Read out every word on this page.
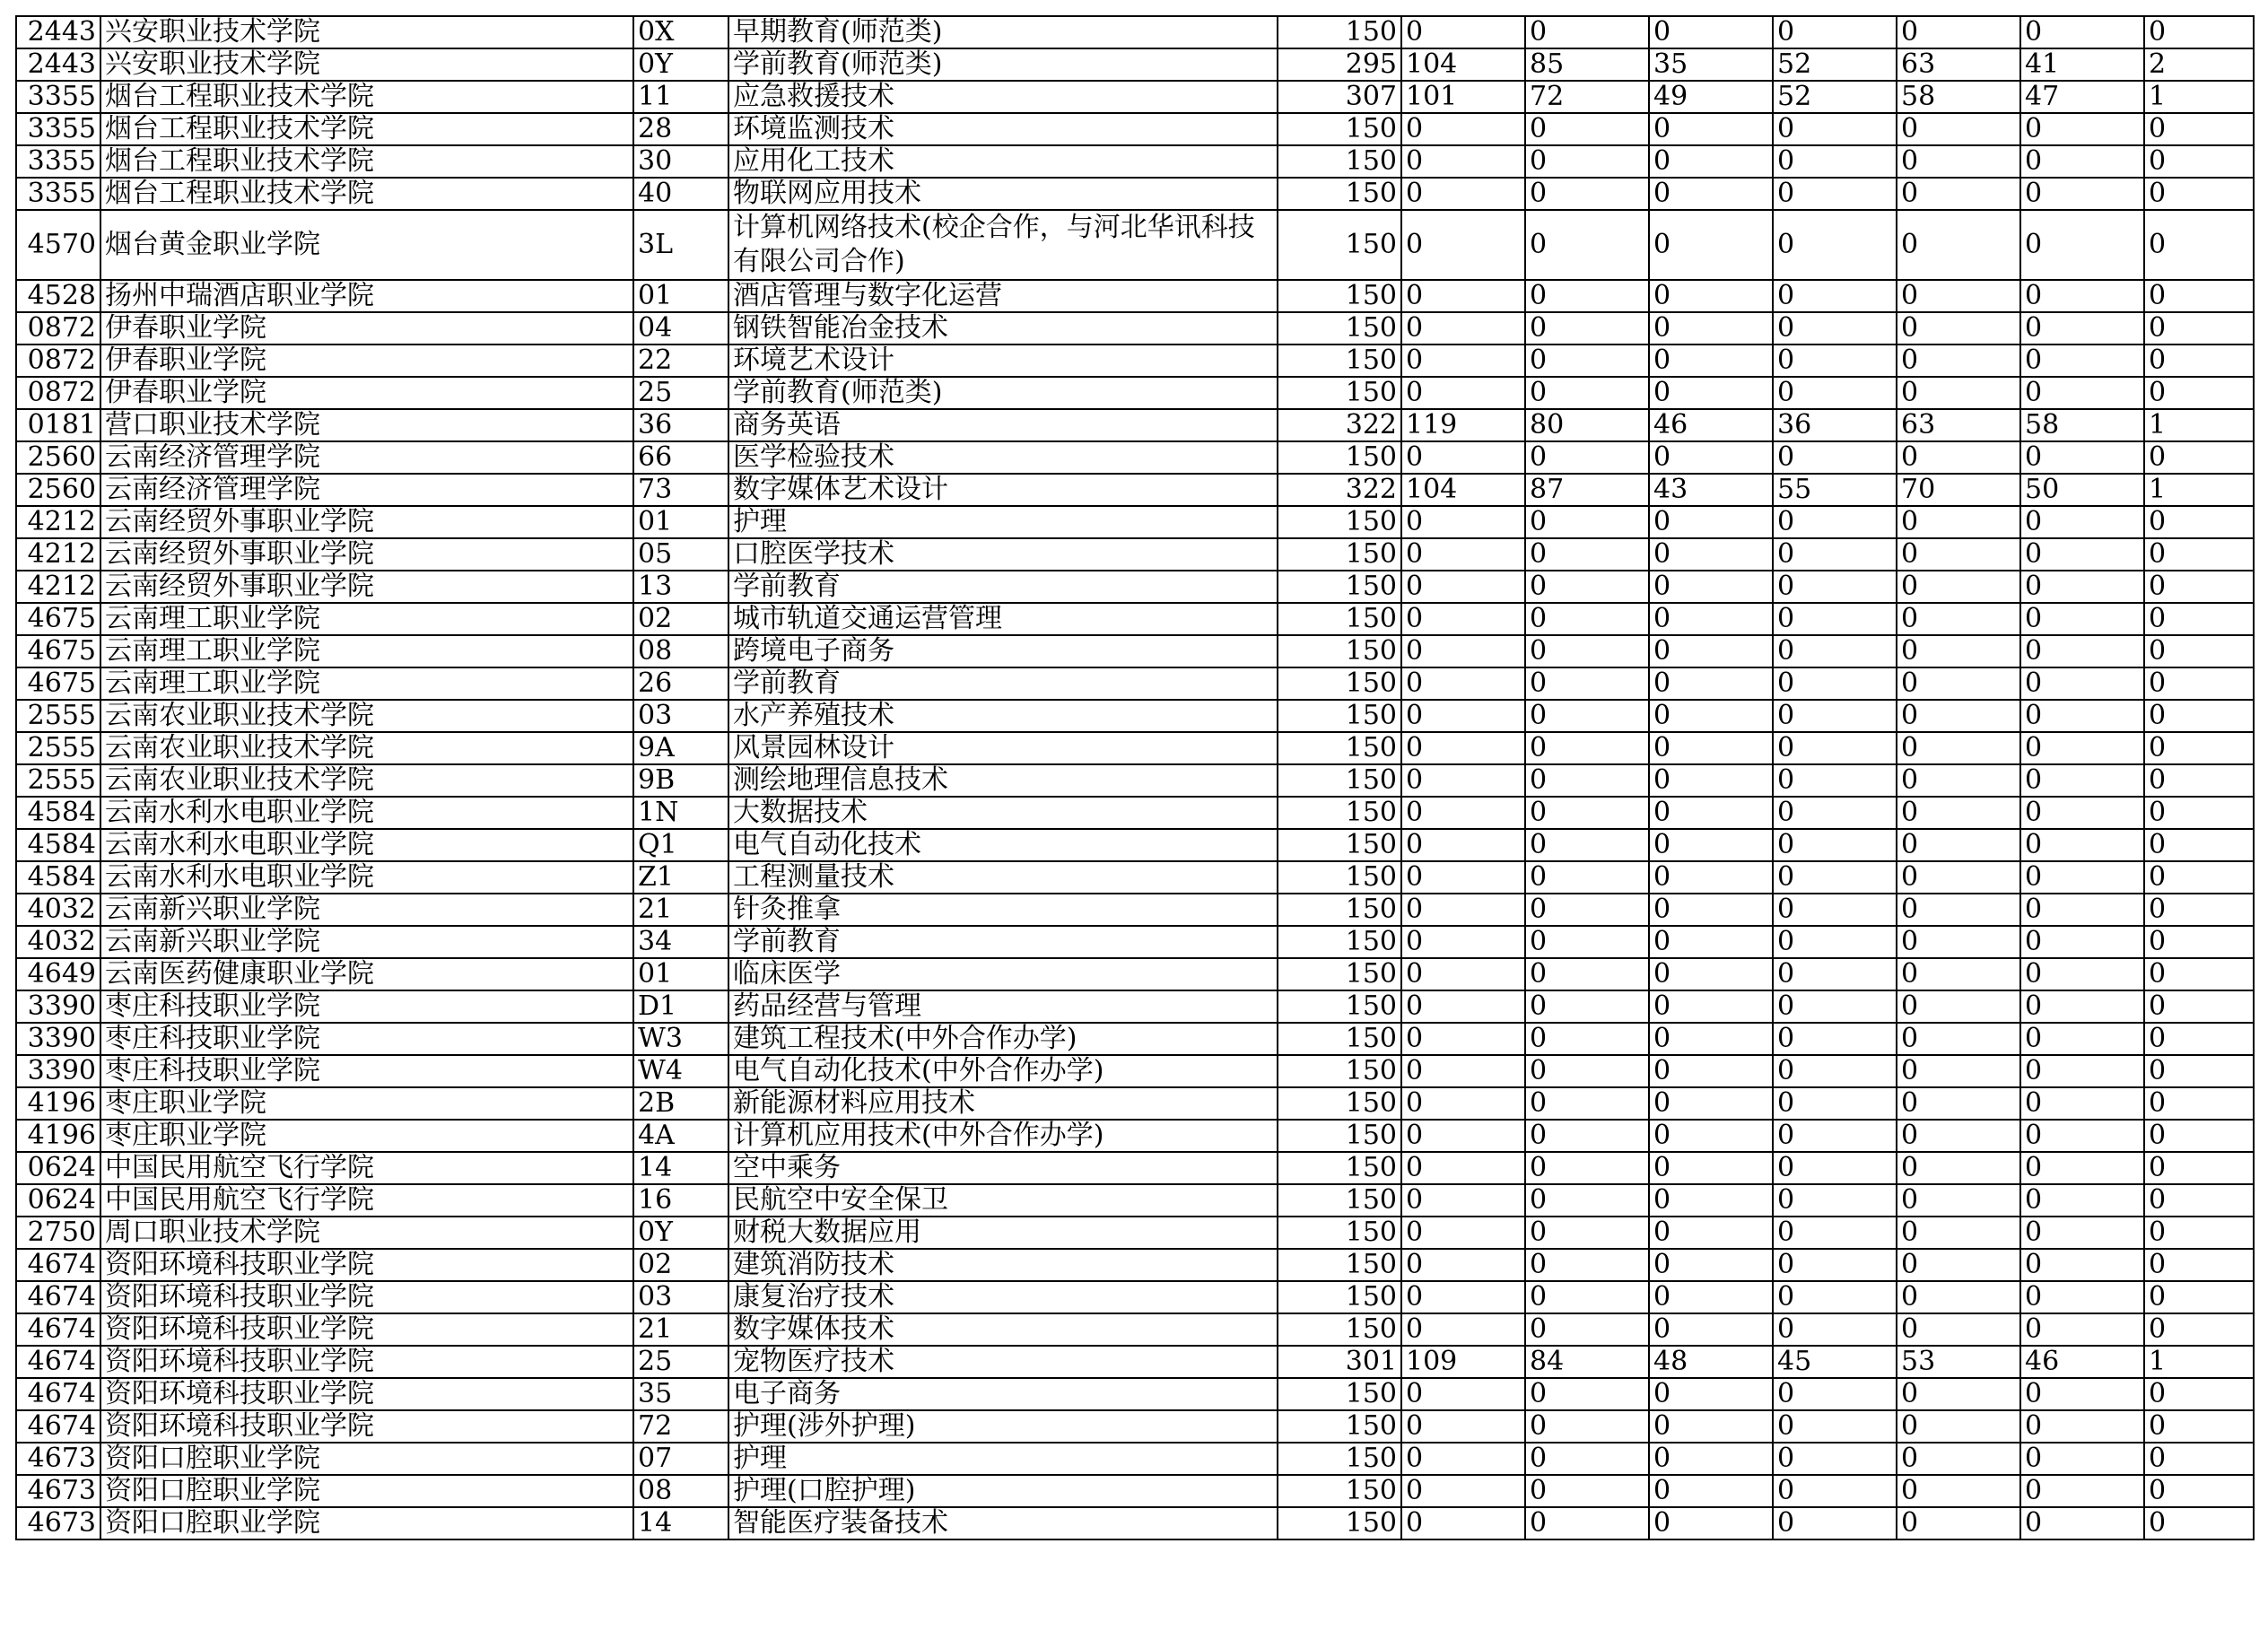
2443	兴安职业技术学院	0X	早期教育(师范类)	150	0	0	0	0	0	0	0
2443	兴安职业技术学院	0Y	学前教育(师范类)	295	104	85	35	52	63	41	2
3355	烟台工程职业技术学院	11	应急救援技术	307	101	72	49	52	58	47	1
3355	烟台工程职业技术学院	28	环境监测技术	150	0	0	0	0	0	0	0
3355	烟台工程职业技术学院	30	应用化工技术	150	0	0	0	0	0	0	0
3355	烟台工程职业技术学院	40	物联网应用技术	150	0	0	0	0	0	0	0
4570	烟台黄金职业学院	3L	计算机网络技术(校企合作，与河北华讯科技有限公司合作)	150	0	0	0	0	0	0	0
4528	扬州中瑞酒店职业学院	01	酒店管理与数字化运营	150	0	0	0	0	0	0	0
0872	伊春职业学院	04	钢铁智能冶金技术	150	0	0	0	0	0	0	0
0872	伊春职业学院	22	环境艺术设计	150	0	0	0	0	0	0	0
0872	伊春职业学院	25	学前教育(师范类)	150	0	0	0	0	0	0	0
0181	营口职业技术学院	36	商务英语	322	119	80	46	36	63	58	1
2560	云南经济管理学院	66	医学检验技术	150	0	0	0	0	0	0	0
2560	云南经济管理学院	73	数字媒体艺术设计	322	104	87	43	55	70	50	1
4212	云南经贸外事职业学院	01	护理	150	0	0	0	0	0	0	0
4212	云南经贸外事职业学院	05	口腔医学技术	150	0	0	0	0	0	0	0
4212	云南经贸外事职业学院	13	学前教育	150	0	0	0	0	0	0	0
4675	云南理工职业学院	02	城市轨道交通运营管理	150	0	0	0	0	0	0	0
4675	云南理工职业学院	08	跨境电子商务	150	0	0	0	0	0	0	0
4675	云南理工职业学院	26	学前教育	150	0	0	0	0	0	0	0
2555	云南农业职业技术学院	03	水产养殖技术	150	0	0	0	0	0	0	0
2555	云南农业职业技术学院	9A	风景园林设计	150	0	0	0	0	0	0	0
2555	云南农业职业技术学院	9B	测绘地理信息技术	150	0	0	0	0	0	0	0
4584	云南水利水电职业学院	1N	大数据技术	150	0	0	0	0	0	0	0
4584	云南水利水电职业学院	Q1	电气自动化技术	150	0	0	0	0	0	0	0
4584	云南水利水电职业学院	Z1	工程测量技术	150	0	0	0	0	0	0	0
4032	云南新兴职业学院	21	针灸推拿	150	0	0	0	0	0	0	0
4032	云南新兴职业学院	34	学前教育	150	0	0	0	0	0	0	0
4649	云南医药健康职业学院	01	临床医学	150	0	0	0	0	0	0	0
3390	枣庄科技职业学院	D1	药品经营与管理	150	0	0	0	0	0	0	0
3390	枣庄科技职业学院	W3	建筑工程技术(中外合作办学)	150	0	0	0	0	0	0	0
3390	枣庄科技职业学院	W4	电气自动化技术(中外合作办学)	150	0	0	0	0	0	0	0
4196	枣庄职业学院	2B	新能源材料应用技术	150	0	0	0	0	0	0	0
4196	枣庄职业学院	4A	计算机应用技术(中外合作办学)	150	0	0	0	0	0	0	0
0624	中国民用航空飞行学院	14	空中乘务	150	0	0	0	0	0	0	0
0624	中国民用航空飞行学院	16	民航空中安全保卫	150	0	0	0	0	0	0	0
2750	周口职业技术学院	0Y	财税大数据应用	150	0	0	0	0	0	0	0
4674	资阳环境科技职业学院	02	建筑消防技术	150	0	0	0	0	0	0	0
4674	资阳环境科技职业学院	03	康复治疗技术	150	0	0	0	0	0	0	0
4674	资阳环境科技职业学院	21	数字媒体技术	150	0	0	0	0	0	0	0
4674	资阳环境科技职业学院	25	宠物医疗技术	301	109	84	48	45	53	46	1
4674	资阳环境科技职业学院	35	电子商务	150	0	0	0	0	0	0	0
4674	资阳环境科技职业学院	72	护理(涉外护理)	150	0	0	0	0	0	0	0
4673	资阳口腔职业学院	07	护理	150	0	0	0	0	0	0	0
4673	资阳口腔职业学院	08	护理(口腔护理)	150	0	0	0	0	0	0	0
4673	资阳口腔职业学院	14	智能医疗装备技术	150	0	0	0	0	0	0	0
